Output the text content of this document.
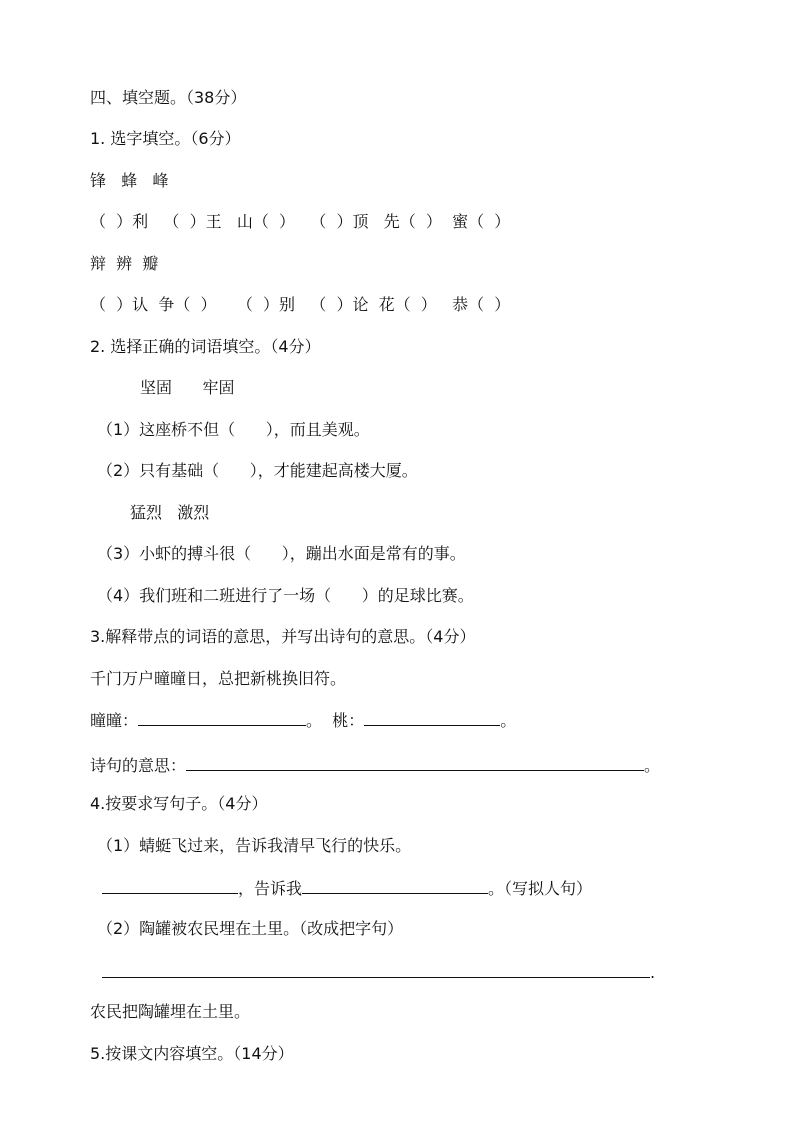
四、填空题。（38分）
1. 选字填空。（6分）
锋   蜂   峰
（  ）利   （  ）王   山（  ）   （  ）顶   先（  ）  蜜（  ）
辩  辨  瓣
（  ）认  争（  ）    （  ）别   （  ）论  花（  ）   恭（  ）
2. 选择正确的词语填空。（4分）
坚固      牢固
（1）这座桥不但（      ），而且美观。
（2）只有基础（      ），才能建起高楼大厦。
猛烈   激烈
（3）小虾的搏斗很（      ），蹦出水面是常有的事。
（4）我们班和二班进行了一场（      ）的足球比赛。
3.解释带点的词语的意思，并写出诗句的意思。（4分）
千门万户曈曈日，总把新桃换旧符。
曈曈：	。 桃：	。
诗句的意思：	。
4.按要求写句子。（4分）
（1）蜻蜓飞过来，告诉我清早飞行的快乐。
，告诉我	。（写拟人句）
（2）陶罐被农民埋在土里。（改成把字句）
.
农民把陶罐埋在土里。
5.按课文内容填空。（14分）
